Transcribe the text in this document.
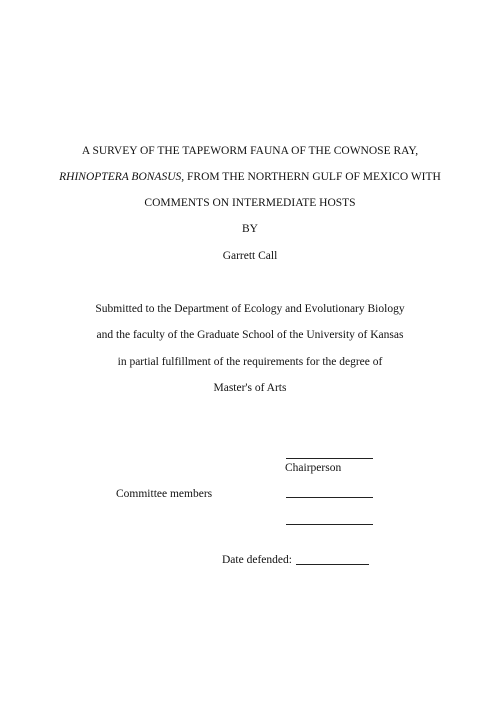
A SURVEY OF THE TAPEWORM FAUNA OF THE COWNOSE RAY,
RHINOPTERA BONASUS, FROM THE NORTHERN GULF OF MEXICO WITH
COMMENTS ON INTERMEDIATE HOSTS
BY
Garrett Call
Submitted to the Department of Ecology and Evolutionary Biology
and the faculty of the Graduate School of the University of Kansas
in partial fulfillment of the requirements for the degree of
Master's of Arts
Chairperson
Committee members
Date defended:
